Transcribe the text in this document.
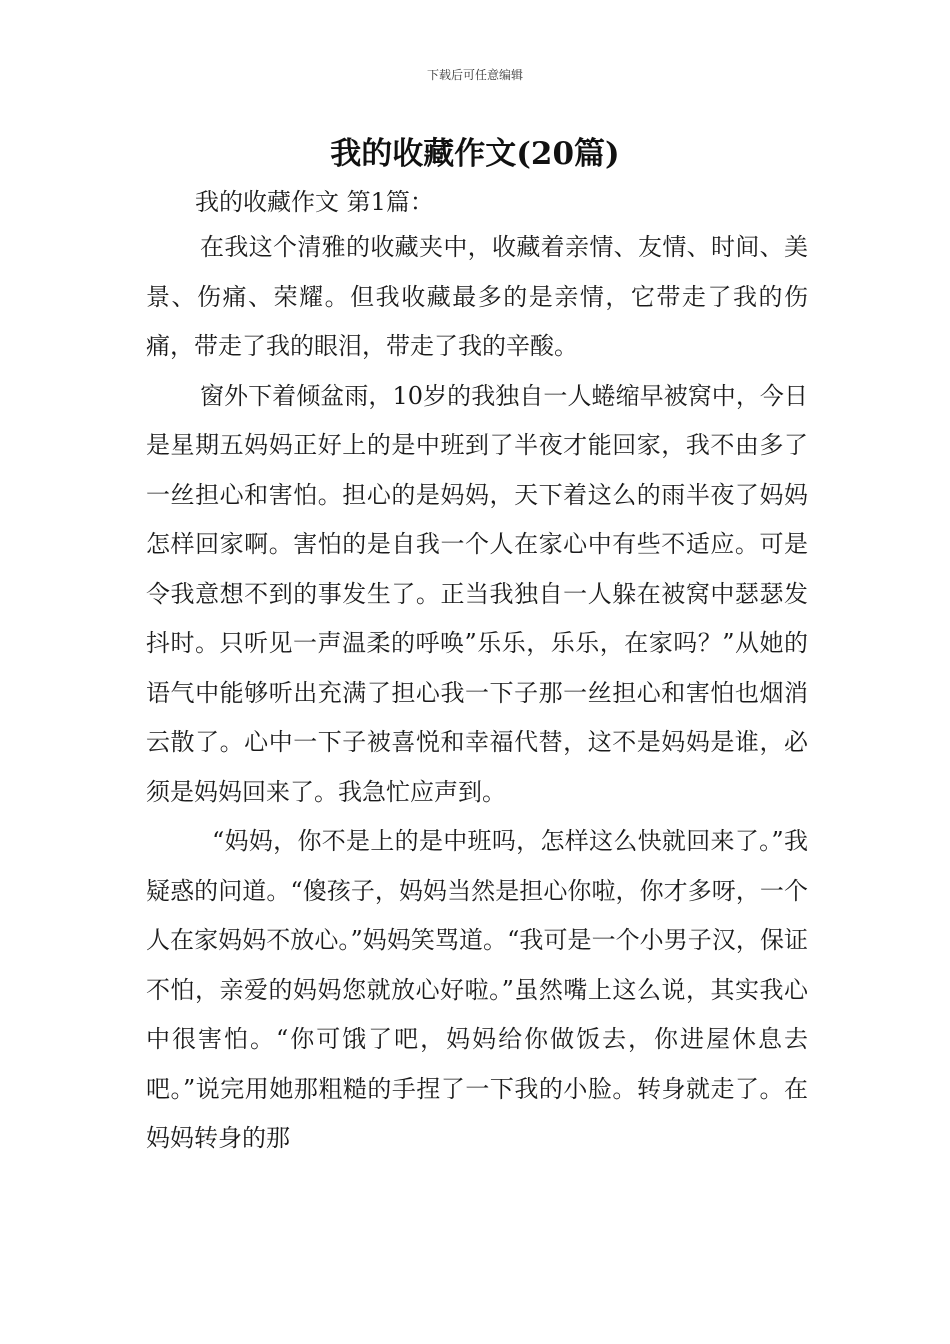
下载后可任意编辑
我的收藏作文(20篇)
我的收藏作文 第1篇：

在我这个清雅的收藏夹中，收藏着亲情、友情、时间、美景、伤痛、荣耀。但我收藏最多的是亲情，它带走了我的伤痛，带走了我的眼泪，带走了我的辛酸。

窗外下着倾盆雨，10岁的我独自一人蜷缩早被窝中，今日是星期五妈妈正好上的是中班到了半夜才能回家，我不由多了一丝担心和害怕。担心的是妈妈，天下着这么的雨半夜了妈妈怎样回家啊。害怕的是自我一个人在家心中有些不适应。可是令我意想不到的事发生了。正当我独自一人躲在被窝中瑟瑟发抖时。只听见一声温柔的呼唤”乐乐，乐乐，在家吗？”从她的语气中能够听出充满了担心我一下子那一丝担心和害怕也烟消云散了。心中一下子被喜悦和幸福代替，这不是妈妈是谁，必须是妈妈回来了。我急忙应声到。

“妈妈，你不是上的是中班吗，怎样这么快就回来了。”我疑惑的问道。“傻孩子，妈妈当然是担心你啦，你才多呀，一个人在家妈妈不放心。”妈妈笑骂道。“我可是一个小男子汉，保证不怕，亲爱的妈妈您就放心好啦。”虽然嘴上这么说，其实我心中很害怕。“你可饿了吧，妈妈给你做饭去，你进屋休息去吧。”说完用她那粗糙的手捏了一下我的小脸。转身就走了。在妈妈转身的那
